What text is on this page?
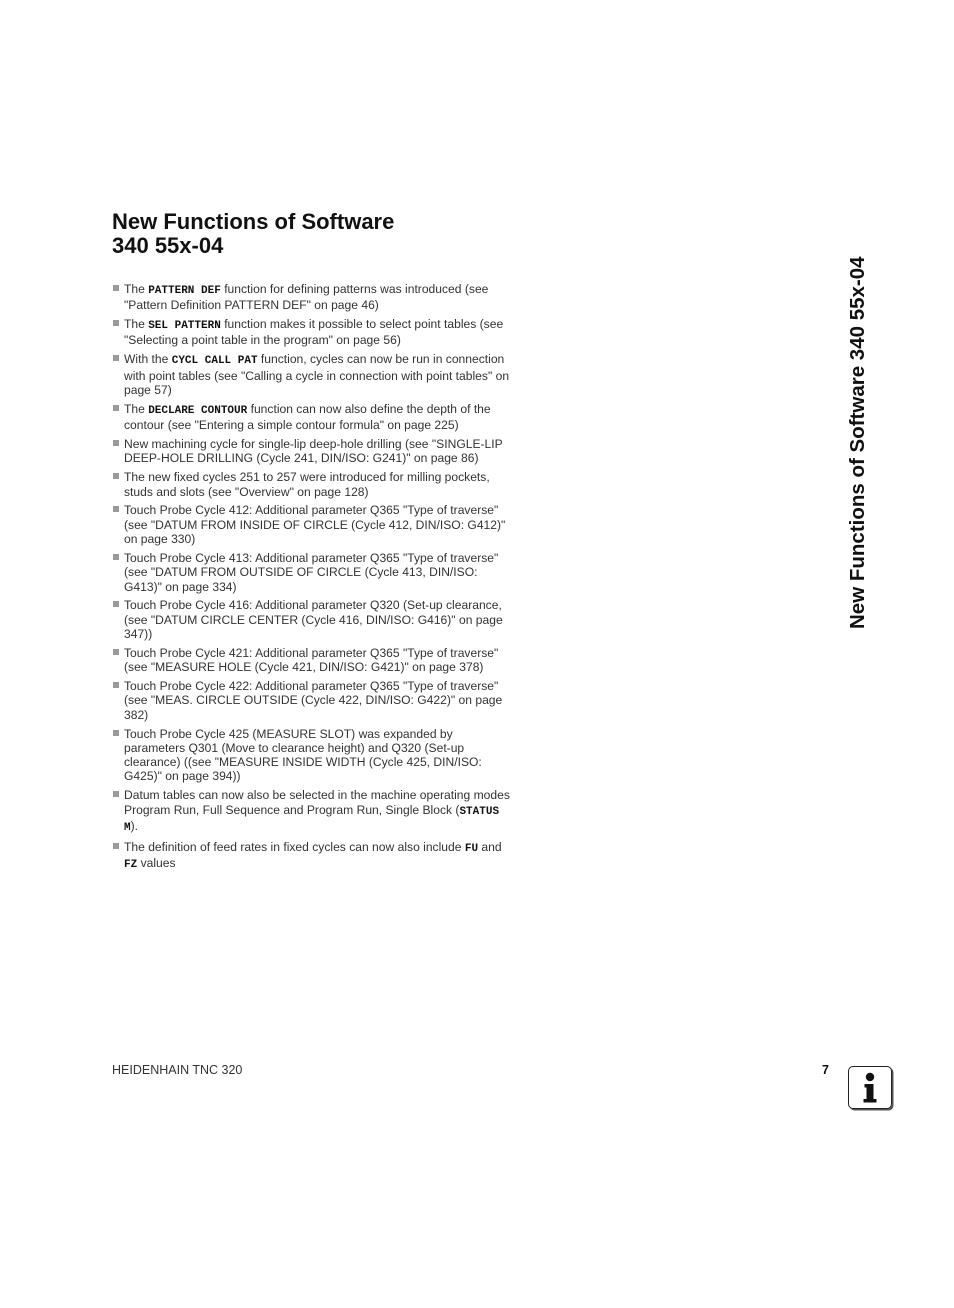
New Functions of Software
340 55x-04
The PATTERN DEF function for defining patterns was introduced (see "Pattern Definition PATTERN DEF" on page 46)
The SEL PATTERN function makes it possible to select point tables (see "Selecting a point table in the program" on page 56)
With the CYCL CALL PAT function, cycles can now be run in connection with point tables (see "Calling a cycle in connection with point tables" on page 57)
The DECLARE CONTOUR function can now also define the depth of the contour (see "Entering a simple contour formula" on page 225)
New machining cycle for single-lip deep-hole drilling (see "SINGLE-LIP DEEP-HOLE DRILLING (Cycle 241, DIN/ISO: G241)" on page 86)
The new fixed cycles 251 to 257 were introduced for milling pockets, studs and slots (see "Overview" on page 128)
Touch Probe Cycle 412: Additional parameter Q365 "Type of traverse" (see "DATUM FROM INSIDE OF CIRCLE (Cycle 412, DIN/ISO: G412)" on page 330)
Touch Probe Cycle 413: Additional parameter Q365 "Type of traverse" (see "DATUM FROM OUTSIDE OF CIRCLE (Cycle 413, DIN/ISO: G413)" on page 334)
Touch Probe Cycle 416: Additional parameter Q320 (Set-up clearance, (see "DATUM CIRCLE CENTER (Cycle 416, DIN/ISO: G416)" on page 347))
Touch Probe Cycle 421: Additional parameter Q365 "Type of traverse" (see "MEASURE HOLE (Cycle 421, DIN/ISO: G421)" on page 378)
Touch Probe Cycle 422: Additional parameter Q365 "Type of traverse" (see "MEAS. CIRCLE OUTSIDE (Cycle 422, DIN/ISO: G422)" on page 382)
Touch Probe Cycle 425 (MEASURE SLOT) was expanded by parameters Q301 (Move to clearance height) and Q320 (Set-up clearance) ((see "MEASURE INSIDE WIDTH (Cycle 425, DIN/ISO: G425)" on page 394))
Datum tables can now also be selected in the machine operating modes Program Run, Full Sequence and Program Run, Single Block (STATUS M).
The definition of feed rates in fixed cycles can now also include FU and FZ values
New Functions of Software 340 55x-04
HEIDENHAIN TNC 320	7
